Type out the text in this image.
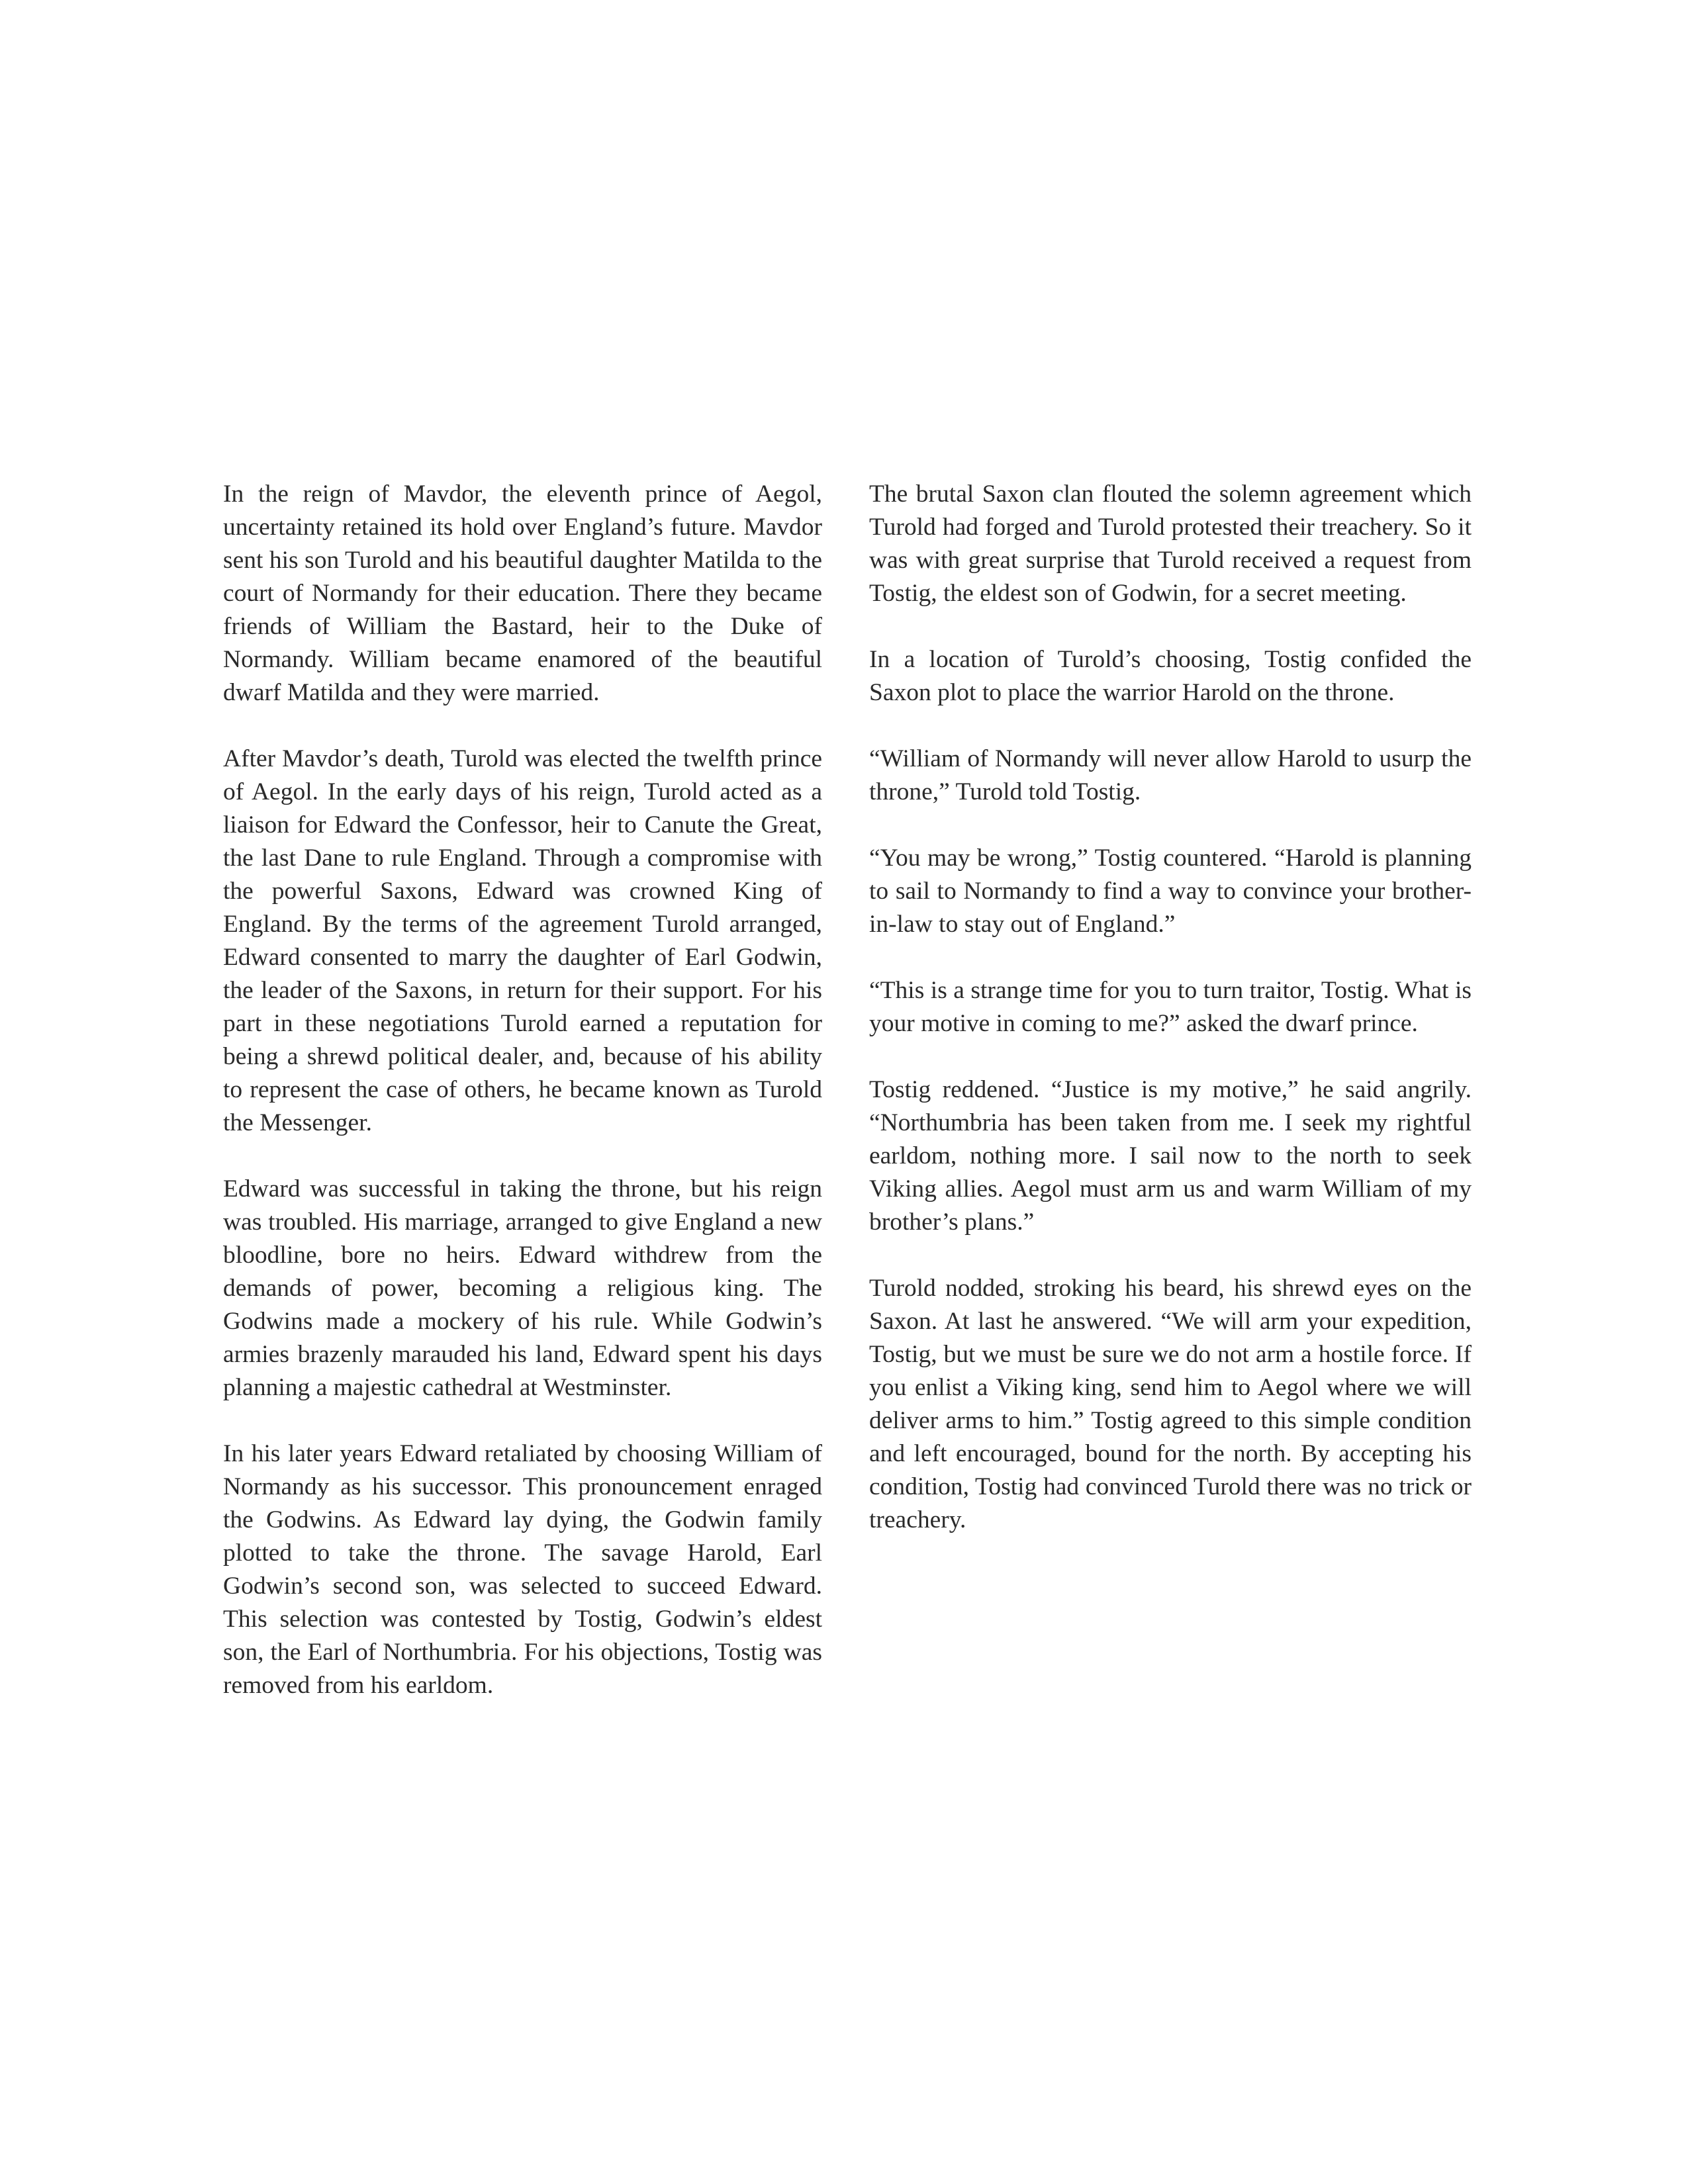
In the reign of Mavdor, the eleventh prince of Aegol, uncertainty retained its hold over England’s future. Mavdor sent his son Turold and his beautiful daughter Matilda to the court of Normandy for their education. There they became friends of William the Bastard, heir to the Duke of Normandy. William became enamored of the beautiful dwarf Matilda and they were married.

After Mavdor’s death, Turold was elected the twelfth prince of Aegol. In the early days of his reign, Turold acted as a liaison for Edward the Confessor, heir to Canute the Great, the last Dane to rule England. Through a compromise with the powerful Saxons, Edward was crowned King of England. By the terms of the agreement Turold arranged, Edward consented to marry the daughter of Earl Godwin, the leader of the Saxons, in return for their support. For his part in these negotiations Turold earned a reputation for being a shrewd political dealer, and, because of his ability to represent the case of others, he became known as Turold the Messenger.

Edward was successful in taking the throne, but his reign was troubled. His marriage, arranged to give England a new bloodline, bore no heirs. Edward withdrew from the demands of power, becoming a religious king. The Godwins made a mockery of his rule. While Godwin’s armies brazenly marauded his land, Edward spent his days planning a majestic cathedral at Westminster.

In his later years Edward retaliated by choosing William of Normandy as his successor. This pronouncement enraged the Godwins. As Edward lay dying, the Godwin family plotted to take the throne. The savage Harold, Earl Godwin’s second son, was selected to succeed Edward. This selection was contested by Tostig, Godwin’s eldest son, the Earl of Northumbria. For his objections, Tostig was removed from his earldom.

The brutal Saxon clan flouted the solemn agreement which Turold had forged and Turold protested their treachery. So it was with great surprise that Turold received a request from Tostig, the eldest son of Godwin, for a secret meeting.

In a location of Turold’s choosing, Tostig confided the Saxon plot to place the warrior Harold on the throne.

“William of Normandy will never allow Harold to usurp the throne,” Turold told Tostig.

“You may be wrong,” Tostig countered. “Harold is planning to sail to Normandy to find a way to convince your brother-in-law to stay out of England.”

“This is a strange time for you to turn traitor, Tostig. What is your motive in coming to me?” asked the dwarf prince.

Tostig reddened. “Justice is my motive,” he said angrily. “Northumbria has been taken from me. I seek my rightful earldom, nothing more. I sail now to the north to seek Viking allies. Aegol must arm us and warm William of my brother’s plans.”

Turold nodded, stroking his beard, his shrewd eyes on the Saxon. At last he answered. “We will arm your expedition, Tostig, but we must be sure we do not arm a hostile force. If you enlist a Viking king, send him to Aegol where we will deliver arms to him.” Tostig agreed to this simple condition and left encouraged, bound for the north. By accepting his condition, Tostig had convinced Turold there was no trick or treachery.
